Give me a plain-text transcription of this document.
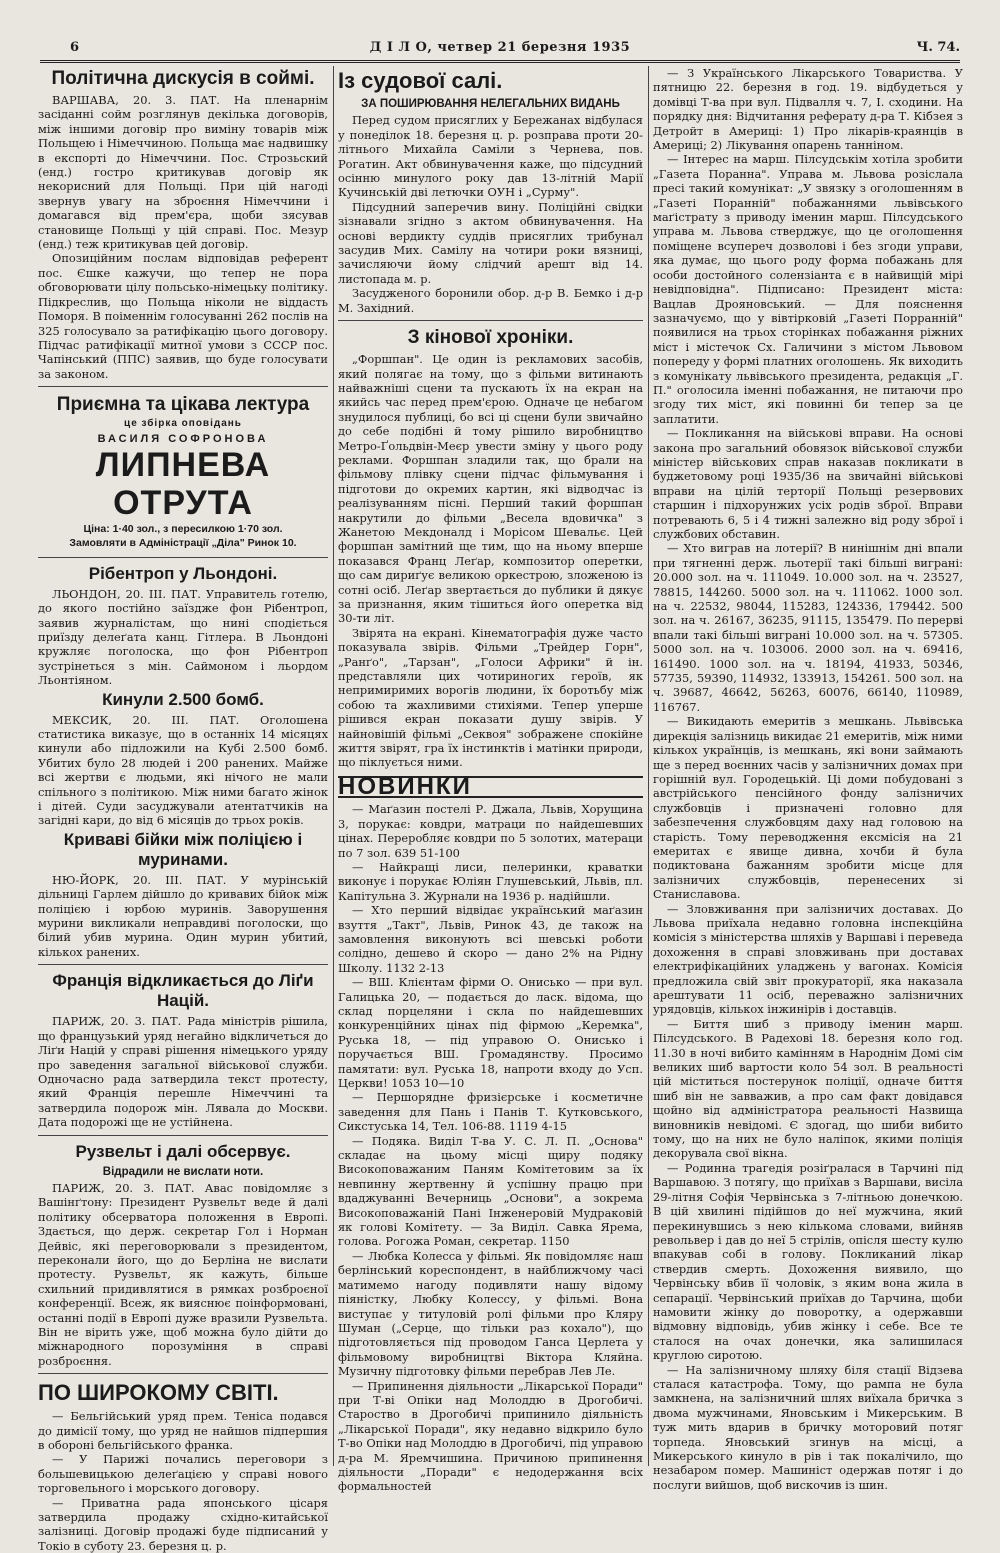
6	Д І Л О, четвер 21 березня 1935	Ч. 74.
Політична дискусія в соймі.

ВАРШАВА, 20. 3. ПАТ. На пленарнім засіданні сойм розглянув декілька договорів, між іншими договір про виміну товарів між Польщею і Німеччиною. Польща має надвишку в експорті до Німеччини. Пос. Строзьский (енд.) гостро критикував договір як некорисний для Польщі. При цій нагоді звернув увагу на зброєння Німеччини і домагався від прем'єра, щоби зясував становище Польщі у цій справі. Пос. Мезур (енд.) теж критикував цей договір.

Опозиційним послам відповідав референт пос. Єшке кажучи, що тепер не пора обговорювати цілу польсько-німецьку політику. Підкреслив, що Польща ніколи не віддасть Поморя. В поіменнім голосуванні 262 послів на 325 голосувало за ратифікацію цього договору. Підчас ратифікації митної умови з СССР пос. Чапінський (ППС) заявив, що буде голосувати за законом.

Приємна та цікава лектура
це збірка оповідань
ВАСИЛЯ СОФРОНОВА
ЛИПНЕВА ОТРУТА
Ціна: 1·40 зол., з пересилкою 1·70 зол.
Замовляти в Адміністрації „Діла" Ринок 10.
Рібентроп у Льондоні.

ЛЬОНДОН, 20. III. ПАТ. Управитель готелю, до якого постійно заїздже фон Рібентроп, заявив журналістам, що нині сподіється приїзду делеґата канц. Гітлера. В Льондоні кружляє поголоска, що фон Рібентроп зустрінеться з мін. Саймоном і льордом Льонтіяном.

Кинули 2.500 бомб.

МЕКСИК, 20. III. ПАТ. Оголошена статистика виказує, що в останніх 14 місяцях кинули або підложили на Кубі 2.500 бомб. Убитих було 28 людей і 200 ранених. Майже всі жертви є людьми, які нічого не мали спільного з політикою. Між ними багато жінок і дітей. Суди засуджували атентатчиків на загідні кари, до від 6 місяців до трьох років.

Криваві бійки між поліцією і муринами.

НЮ-ЙОРК, 20. III. ПАТ. У мурінській дільниці Гарлем дійшло до кривавих бійок між поліцією і юрбою муринів. Заворушення мурини викликали неправдиві поголоски, що білий убив мурина. Один мурин убитий, кількох ранених.

Франція відкликається до Ліґи Націй.

ПАРИЖ, 20. 3. ПАТ. Рада міністрів рішила, що французький уряд негайно відкличеться до Ліґи Націй у справі рішення німецького уряду про заведення загальної військової служби. Одночасно рада затвердила текст протесту, який Франція перешле Німеччині та затвердила подорож мін. Лявала до Москви. Дата подорожі ще не устійнена.

Рузвельт і далі обсервує.
Відрадили не вислати ноти.

ПАРИЖ, 20. 3. ПАТ. Авас повідомляє з Вашінґтону: Президент Рузвельт веде й далі політику обсерватора положення в Европі. Здається, що держ. секретар Гол і Норман Дейвіс, які переговорювали з президентом, переконали його, що до Берліна не вислати протесту. Рузвельт, як кажуть, більше схильний придивлятися в рямках розброєної конференції. Всеж, як вияснює поінформовані, останні події в Европі дуже вразили Рузвельта. Він не вірить уже, щоб можна було дійти до міжнародного порозуміння в справі розброєння.

ПО ШИРОКОМУ СВІТІ.

— Бельгійський уряд прем. Теніса подався до димісії тому, що уряд не найшов підпершия в обороні бельгійського франка.

— У Парижі почались переговори з большевицькою делеґацією у справі нового торговельного і морського договору.

— Приватна рада японського цісаря затвердила продажу східно-китайської залізниці. Договір продажі буде підписаний у Токіо в суботу 23. березня ц. р.

Із судової салі.
ЗА ПОШИРЮВАННЯ НЕЛЕГАЛЬНИХ ВИДАНЬ

Перед судом присяглих у Бережанах відбулася у понеділок 18. березня ц. р. розправа проти 20-літнього Михайла Саміли з Чернева, пов. Рогатин. Акт обвинувачення каже, що підсудний осінню минулого року дав 13-літній Марії Кучинській дві летючки ОУН і „Сурму".

Підсудний заперечив вину. Поліційні свідки зізнавали згідно з актом обвинувачення. На основі вердикту суддів присяглих трибунал засудив Мих. Самілу на чотири роки вязниці, зачисляючи йому слідчий арешт від 14. листопада м. р.

Засудженого боронили обор. д-р В. Бемко і д-р М. Західний.

З кінової хроніки.

„Форшпан". Це один із рекламових засобів, який полягає на тому, що з фільми витинають найважніші сцени та пускають їх на екран на якийсь час перед прем'єрою. Одначе це небагом знудилося публиці, бо всі ці сцени були звичайно до себе подібні й тому рішило виробництво Метро-Ґольдвін-Меєр увести зміну у цього роду реклами. Форшпан зладили так, що брали на фільмову плівку сцени підчас фільмування і підготови до окремих картин, які відводчас із реалізуванням пісні. Перший такий форшпан накрутили до фільми „Весела вдовичка" з Жанетою Мекдоналд і Морісом Шевальє. Цей форшпан замітний ще тим, що на ньому вперше показався Франц Леґар, композитор оперетки, що сам дириґує великою оркестрою, зложеною із сотні осіб. Леґар звертається до публики й дякує за признання, яким тішиться його оперетка від 30-ти літ.

Звірята на екрані. Кінематографія дуже часто показувала звірів. Фільми „Трейдер Горн", „Ранґо", „Тарзан", „Голоси Африки" й ін. представляли цих чотириногих героїв, як непримиримих ворогів людини, їх боротьбу між собою та жахливими стихіями. Тепер уперше рішився екран показати душу звірів. У найновішій фільмі „Секвоя" зображене спокійне життя звірят, гра їх інстинктів і матінки природи, що піклується ними.

НОВИНКИ

— Маґазин постелі Р. Джала, Львів, Хорущина 3, порукає: ковдри, матраци по найдешевших цінах. Переробляє ковдри по 5 золотих, матераци по 7 зол. 639 51-100

— Найкращі лиси, пелеринки, краватки виконує і порукає Юліян Глушевський, Львів, пл. Капітульна 3. Журнали на 1936 р. надійшли.

— Хто перший відвідає український маґазин взуття „Такт", Львів, Ринок 43, де також на замовлення виконують всі шевські роботи солідно, дешево й скоро — дано 2% на Рідну Школу. 1132 2-13

— ВШ. Клієнтам фірми О. Онисько — при вул. Галицька 20, — подається до ласк. відома, що склад порцеляни і скла по найдешевших конкуренційних цінах під фірмою „Керемка", Руська 18, — під управою О. Онисько і поручається ВШ. Громадянству. Просимо памятати: вул. Руська 18, напроти входу до Усп. Церкви! 1053 10—10

— Першорядне фризієрське і косметичне заведення для Пань і Панів Т. Кутковського, Сикстуська 14, Тел. 106-88. 1119 4-15

— Подяка. Виділ Т-ва У. С. Л. П. „Основа" складає на цьому місці щиру подяку Високоповажаним Паням Комітетовим за їх невпинну жертвенну й успішну працю при вдаджуванні Вечерниць „Основи", а зокрема Високоповажаній Пані Інженеровій Мудраковій як голові Комітету. — За Виділ. Савка Ярема, голова. Рогожа Роман, секретар. 1150

— Любка Колесса у фільмі. Як повідомляє наш берлінський кореспондент, в найближчому часі матимемо нагоду подивляти нашу відому піяністку, Любку Колессу, у фільмі. Вона виступає у титуловій ролі фільми про Кляру Шуман („Серце, що тільки раз кохало"), що підготовляється під проводом Ганса Церлета у фільмовому виробництві Віктора Кляйна. Музичну підготовку фільми перебрав Лев Ле.

— Припинення діяльности „Лікарської Поради" при Т-ві Опіки над Молоддю в Дрогобичі. Староство в Дрогобичі припинило діяльність „Лікарської Поради", яку недавно відкрило було Т-во Опіки над Молоддю в Дрогобичі, під управою д-ра М. Яремчишина. Причиною припинення діяльности „Поради" є недодержання всіх формальностей

— З Українського Лікарського Товариства. У пятницю 22. березня в год. 19. відбудеться у домівці Т-ва при вул. Підвалля ч. 7, I. сходини. На порядку дня: Відчитання реферату д-ра Т. Кібзея з Детройт в Америці: 1) Про лікарів-краянців в Америці; 2) Лікування опарень танніном.

— Інтерес на марш. Пілсудськім хотіла зробити „Газета Поранна". Управа м. Львова розіслала пресі такий комунікат: „У звязку з оголошенням в „Газеті Поранній" побажаннями львівського маґістрату з приводу іменин марш. Пілсудського управа м. Львова стверджує, що це оголошення поміщене всупереч дозволові і без згоди управи, яка думає, що цього роду форма побажань для особи достойного солензіанта є в найвищій мірі невідповідна". Підписано: Президент міста: Вацлав Дрояновський. — Для пояснення зазначуємо, що у вівтірковій „Газеті Порранній" появилися на трьох сторінках побажання ріжних міст і містечок Сх. Галичини з містом Львовом попереду у формі платних оголошень. Як виходить з комунікату львівського президента, редакція „Г. П." оголосила іменні побажання, не питаючи про згоду тих міст, які повинні би тепер за це заплатити.

— Покликання на військові вправи. На основі закона про загальний обовязок військової служби міністер військових справ наказав покликати в буджетовому році 1935/36 на звичайні військові вправи на цілій терторії Польщі резервових старшин і підхорунжих усіх родів зброї. Вправи потревають 6, 5 і 4 тижні залежно від роду зброї і службових обставин.

— Хто виграв на лотерії? В нинішнім дні впали при тягненні держ. льотерії такі більші виграні: 20.000 зол. на ч. 111049. 10.000 зол. на ч. 23527, 78815, 144260. 5000 зол. на ч. 111062. 1000 зол. на ч. 22532, 98044, 115283, 124336, 179442. 500 зол. на ч. 26167, 36235, 91115, 135479. По перерві впали такі більші виграні 10.000 зол. на ч. 57305. 5000 зол. на ч. 103006. 2000 зол. на ч. 69416, 161490. 1000 зол. на ч. 18194, 41933, 50346, 57735, 59390, 114932, 133913, 154261. 500 зол. на ч. 39687, 46642, 56263, 60076, 66140, 110989, 116767.

— Викидають емеритів з мешкань. Львівська дирекція залізниць викидає 21 емеритів, між ними кількох українців, із мешкань, які вони займають ще з перед воєнних часів у залізничних домах при горішній вул. Городецькій. Ці доми побудовані з австрійського пенсійного фонду залізничих службовців і призначені головно для забезпечення службовцям даху над головою на старість. Тому переводження ексмісія на 21 емеритах є явище дивна, хочби й була подиктована бажанням зробити місце для залізничих службовців, перенесених зі Станиславова.

— Зловживання при залізничих доставах. До Львова приїхала недавно головна інспекційна комісія з міністерства шляхів у Варшаві і переведа дохоження в справі зловживань при доставах електрифікаційних уладжень у вагонах. Комісія предложила свій звіт прокураторії, яка наказала арештувати 11 осіб, переважно залізничних урядовців, кількох інжинірів і доставців.

— Биття шиб з приводу іменин марш. Пілсудського. В Радехові 18. березня коло год. 11.30 в ночі вибито камінням в Народнім Домі сім великих шиб вартости коло 54 зол. В реальності цій міститься постерунок поліції, одначе биття шиб він не завважив, а про сам факт довідався щойно від адміністратора реальності Назвища виновників невідомі. Є здогад, що шиби вибито тому, що на них не було наліпок, якими поліція декорувала свої вікна.

— Родинна трагедія розіґралася в Тарчині під Варшавою. З потягу, що приїхав з Варшави, висіла 29-літня Софія Червінська з 7-літньою донечкою. В цій хвилині підійшов до неї мужчина, який перекинувшись з нею кількома словами, вийняв револьвер і дав до неї 5 стрілів, опісля шесту кулю впакував собі в голову. Покликаний лікар ствердив смерть. Дохоження виявило, що Червінську вбив її чоловік, з яким вона жила в сепарації. Червінський приїхав до Тарчина, щоби намовити жінку до поворотку, а одержавши відмовну відповідь, убив жінку і себе. Все те сталося на очах донечки, яка залишилася круглою сиротою.

— На залізничному шляху біля стації Відзева сталася катастрофа. Тому, що рампа не була замкнена, на залізничний шлях виїхала бричка з двома мужчинами, Яновським і Микерським. В туж мить вдарив в бричку моторовий потяг торпеда. Яновський згинув на місці, а Микерського кинуло в рів і так покалічило, що незабаром помер. Машиніст одержав потяг і до послуги вийшов, щоб вискочив із шин.
